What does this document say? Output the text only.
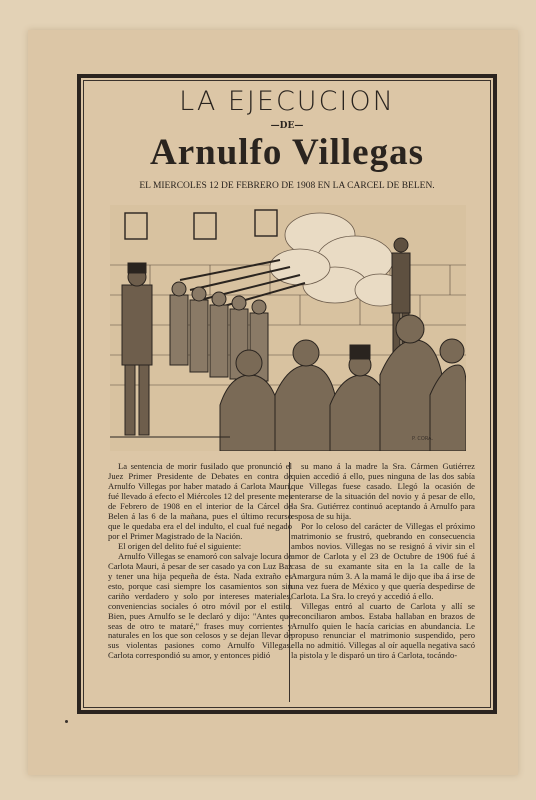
LA EJECUCION
—DE—
Arnulfo Villegas
EL MIERCOLES 12 DE FEBRERO DE 1908 EN LA CARCEL DE BELEN.
P. CORA.

La sentencia de morir fusilado que pronunció el Juez Primer Presidente de Debates en contra de Arnulfo Villegas por haber matado á Carlota Mauri, fué llevado á efecto el Miércoles 12 del presente mes de Febrero de 1908 en el interior de la Cárcel de Belen á las 6 de la mañana, pues el último recurso que le quedaba era el del indulto, el cual fué negado por el Primer Magistrado de la Nación.

El origen del delito fué el siguiente:

Arnulfo Villegas se enamoró con salvaje locura de Carlota Mauri, á pesar de ser casado ya con Luz Baz y tener una hija pequeña de ésta. Nada extraño es esto, porque casi siempre los casamientos son sin cariño verdadero y solo por intereses materiales, conveniencias sociales ó otro móvil por el estilo. Bien, pues Arnulfo se le declaró y dijo: "Antes que seas de otro te mataré," frases muy corrientes y naturales en los que son celosos y se dejan llevar de sus violentas pasiones como Arnulfo Villegas. Carlota correspondió su amor, y entonces pidió

su mano á la madre la Sra. Cármen Gutiérrez quien accedió á ello, pues ninguna de las dos sabía que Villegas fuese casado. Llegó la ocasión de enterarse de la situación del novio y á pesar de ello, la Sra. Gutiérrez continuó aceptando á Arnulfo para esposa de su hija.

Por lo celoso del carácter de Villegas el próximo matrimonio se frustró, quebrando en consecuencia ambos novios. Villegas no se resignó á vivir sin el amor de Carlota y el 23 de Octubre de 1906 fué á casa de su examante sita en la 1a calle de la Amargura núm 3. A la mamá le dijo que iba á irse de una vez fuera de México y que quería despedirse de Carlota. La Sra. lo creyó y accedió á ello.

Villegas entró al cuarto de Carlota y allí se reconciliaron ambos. Estaba hallaban en brazos de Arnulfo quien le hacía caricias en abundancia. Le propuso renunciar el matrimonio suspendido, pero ella no admitió. Villegas al oír aquella negativa sacó la pistola y le disparó un tiro á Carlota, tocándo-
